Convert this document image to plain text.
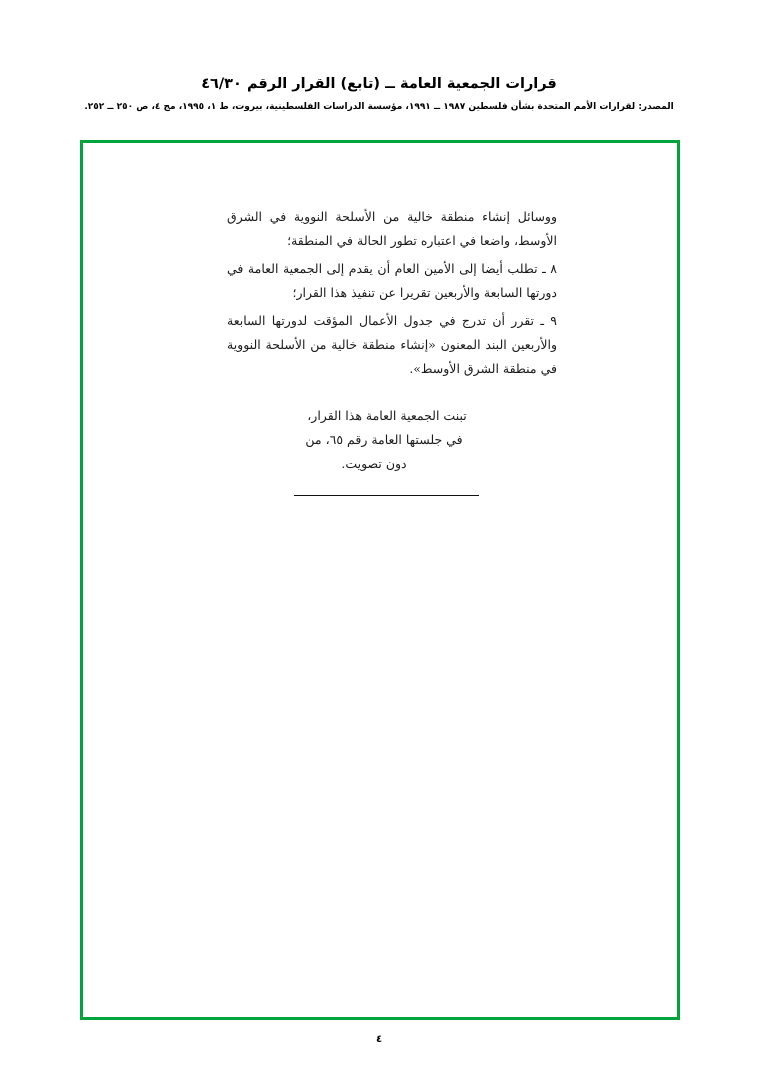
قرارات الجمعية العامة ــ (تابع) القرار الرقم ٤٦/٣٠
المصدر: لقرارات الأمم المتحدة بشأن فلسطين ١٩٨٧ ــ ١٩٩١، مؤسسة الدراسات الفلسطينية، بيروت، ط ١، ١٩٩٥، مج ٤، ص ٢٥٠ ــ ٢٥٢.

ووسائل إنشاء منطقة خالية من الأسلحة النووية في الشرق الأوسط، واضعا في اعتباره تطور الحالة في المنطقة؛

٨ ـ تطلب أيضا إلى الأمين العام أن يقدم إلى الجمعية العامة في دورتها السابعة والأربعين تقريرا عن تنفيذ هذا القرار؛

٩ ـ تقرر أن تدرج في جدول الأعمال المؤقت لدورتها السابعة والأربعين البند المعنون «إنشاء منطقة خالية من الأسلحة النووية في منطقة الشرق الأوسط».

تبنت الجمعية العامة هذا القرار،
في جلستها العامة رقم ٦٥، من
دون تصويت.
٤
